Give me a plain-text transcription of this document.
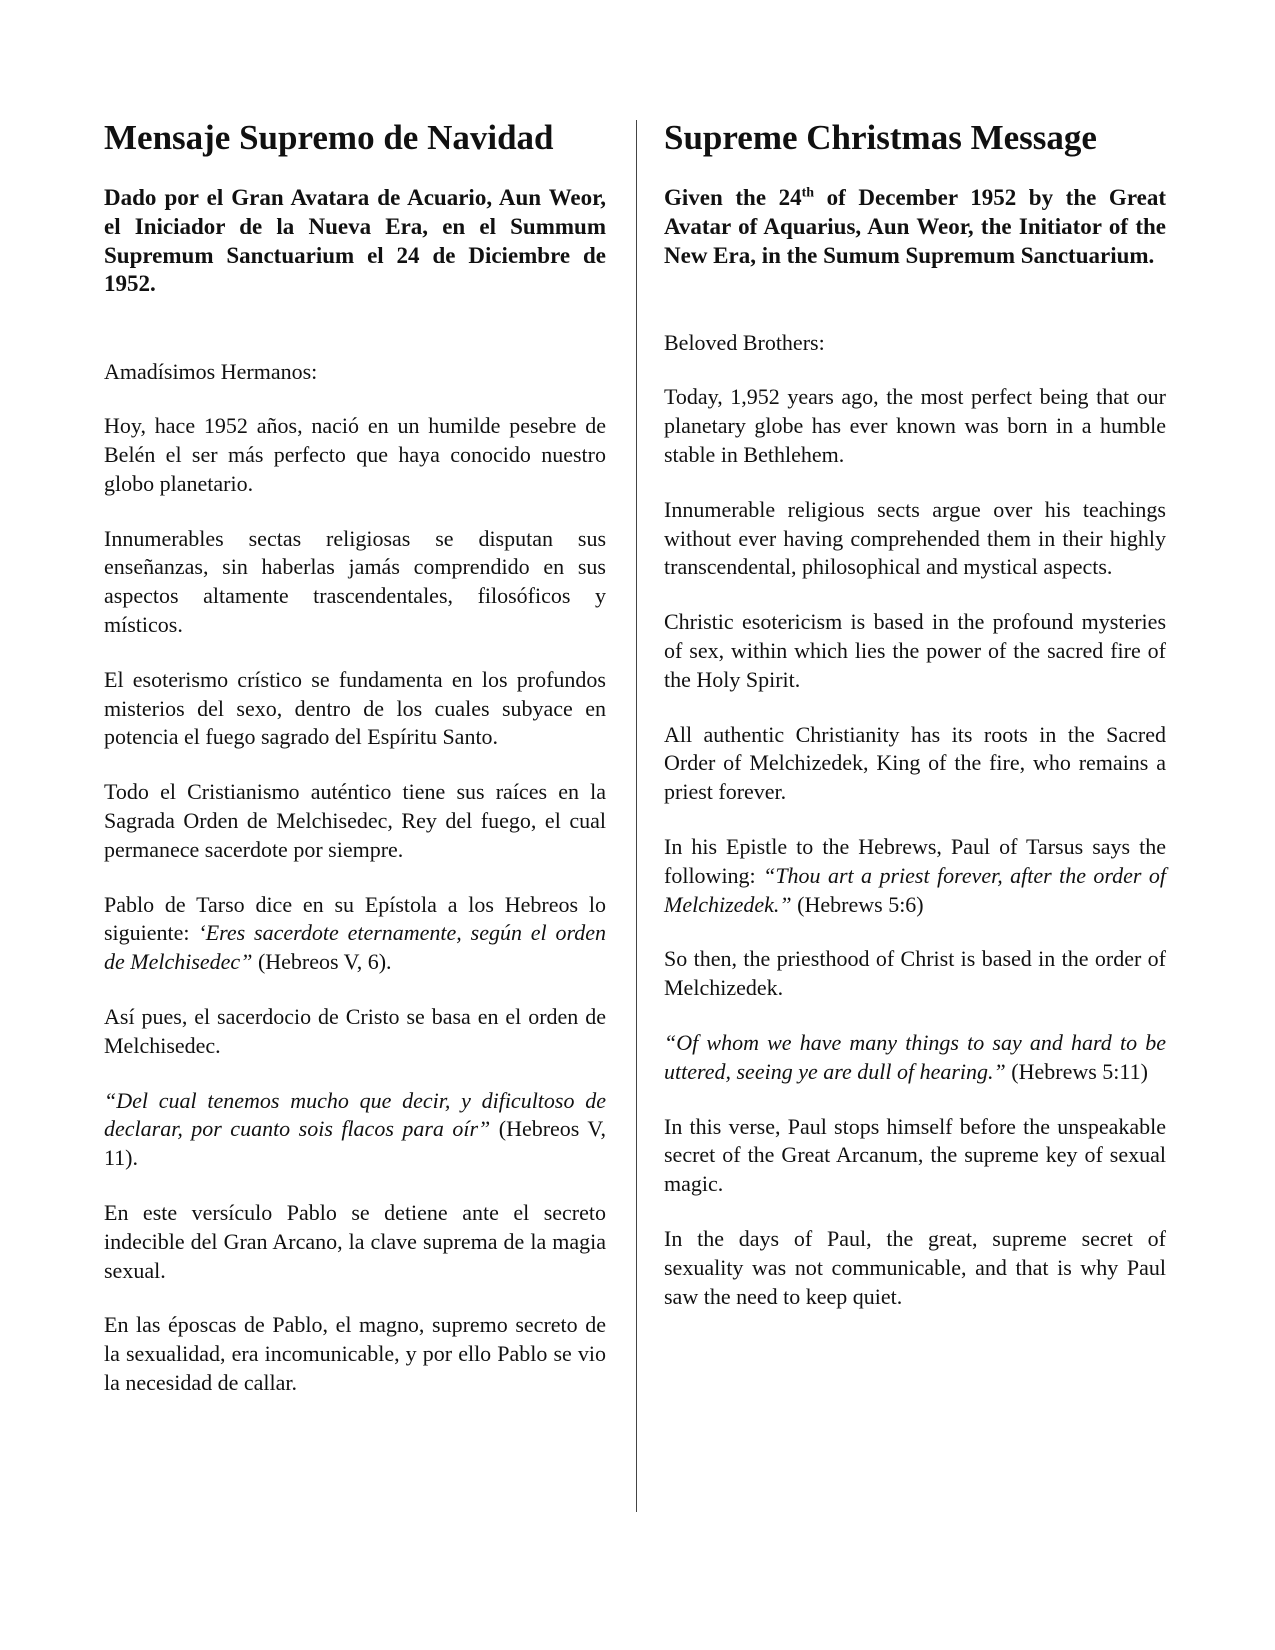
Mensaje Supremo de Navidad

Dado por el Gran Avatara de Acuario, Aun Weor, el Iniciador de la Nueva Era, en el Summum Supremum Sanctuarium el 24 de Diciembre de 1952.

Amadísimos Hermanos:

Hoy, hace 1952 años, nació en un humilde pesebre de Belén el ser más perfecto que haya conocido nuestro globo planetario.

Innumerables sectas religiosas se disputan sus enseñanzas, sin haberlas jamás comprendido en sus aspectos altamente trascendentales, filosóficos y místicos.

El esoterismo crístico se fundamenta en los profundos misterios del sexo, dentro de los cuales subyace en potencia el fuego sagrado del Espíritu Santo.

Todo el Cristianismo auténtico tiene sus raíces en la Sagrada Orden de Melchisedec, Rey del fuego, el cual permanece sacerdote por siempre.

Pablo de Tarso dice en su Epístola a los Hebreos lo siguiente: ‘Eres sacerdote eternamente, según el orden de Melchisedec” (Hebreos V, 6).

Así pues, el sacerdocio de Cristo se basa en el orden de Melchisedec.

“Del cual tenemos mucho que decir, y dificultoso de declarar, por cuanto sois flacos para oír” (Hebreos V, 11).

En este versículo Pablo se detiene ante el secreto indecible del Gran Arcano, la clave suprema de la magia sexual.

En las époscas de Pablo, el magno, supremo secreto de la sexualidad, era incomunicable, y por ello Pablo se vio la necesidad de callar.

Supreme Christmas Message

Given the 24th of December 1952 by the Great Avatar of Aquarius, Aun Weor, the Initiator of the New Era, in the Sumum Supremum Sanctuarium.

Beloved Brothers:

Today, 1,952 years ago, the most perfect being that our planetary globe has ever known was born in a humble stable in Bethlehem.

Innumerable religious sects argue over his teachings without ever having comprehended them in their highly transcendental, philosophical and mystical aspects.

Christic esotericism is based in the profound mysteries of sex, within which lies the power of the sacred fire of the Holy Spirit.

All authentic Christianity has its roots in the Sacred Order of Melchizedek, King of the fire, who remains a priest forever.

In his Epistle to the Hebrews, Paul of Tarsus says the following: “Thou art a priest forever, after the order of Melchizedek.” (Hebrews 5:6)

So then, the priesthood of Christ is based in the order of Melchizedek.

“Of whom we have many things to say and hard to be uttered, seeing ye are dull of hearing.” (Hebrews 5:11)

In this verse, Paul stops himself before the unspeakable secret of the Great Arcanum, the supreme key of sexual magic.

In the days of Paul, the great, supreme secret of sexuality was not communicable, and that is why Paul saw the need to keep quiet.
